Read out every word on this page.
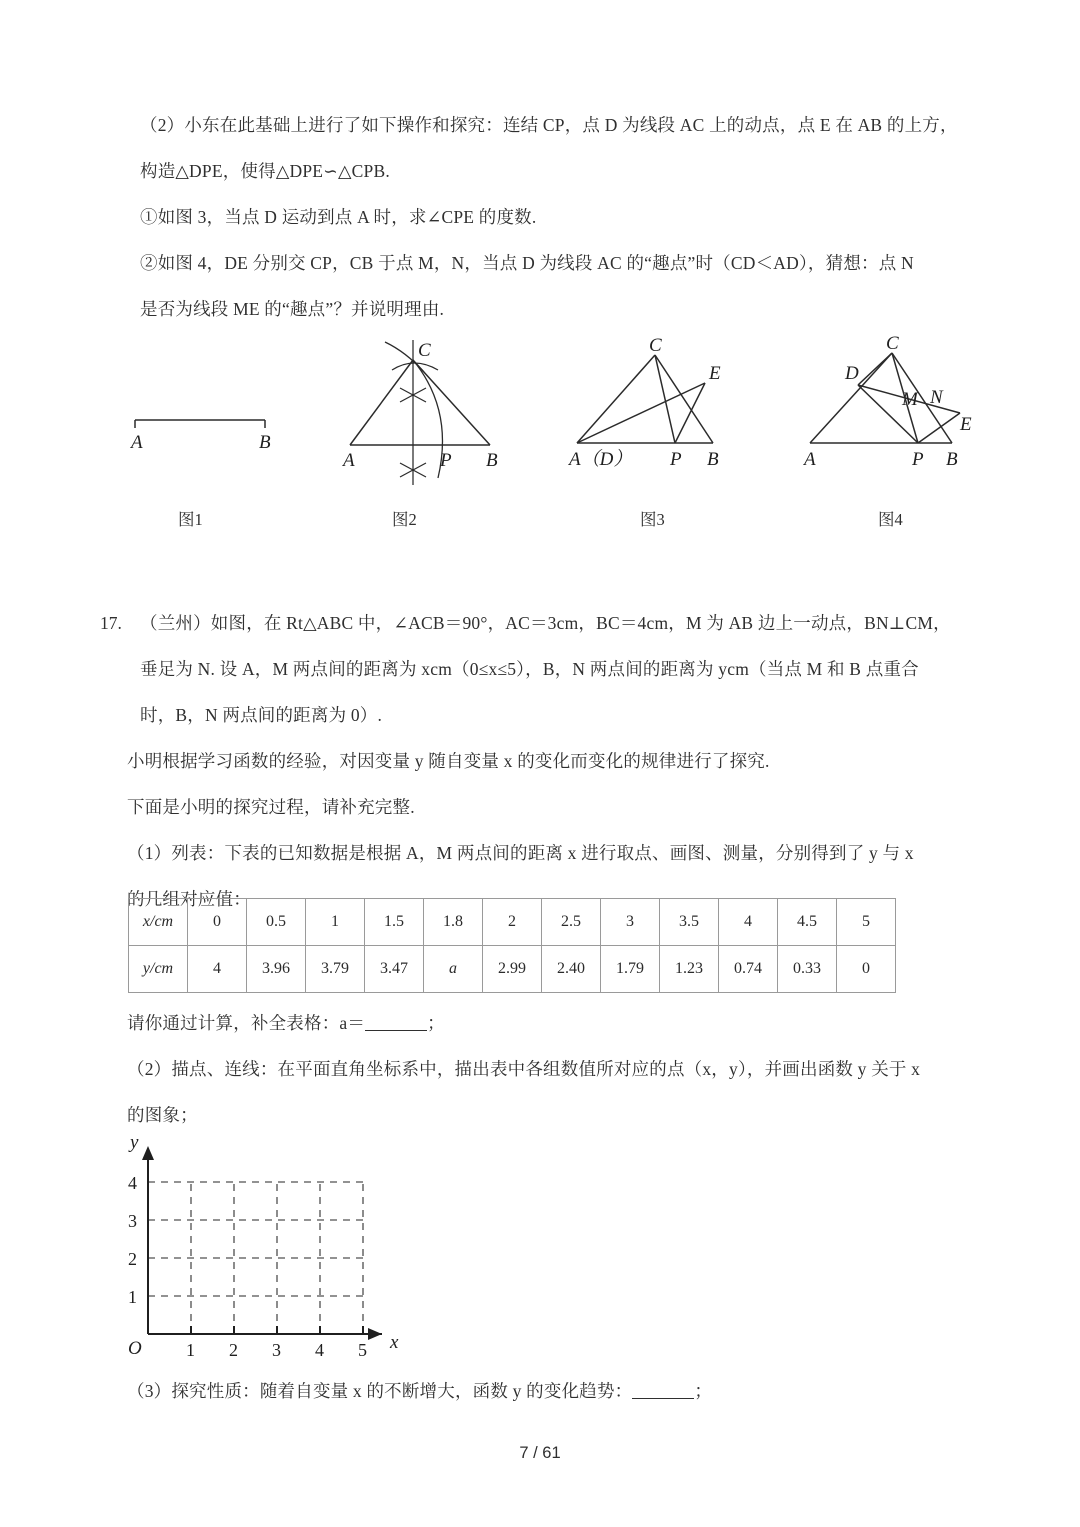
（2）小东在此基础上进行了如下操作和探究：连结 CP，点 D 为线段 AC 上的动点，点 E 在 AB 的上方，
构造△DPE，使得△DPE∽△CPB.
①如图 3，当点 D 运动到点 A 时，求∠CPE 的度数.
②如图 4，DE 分别交 CP，CB 于点 M，N，当点 D 为线段 AC 的“趣点”时（CD＜AD），猜想：点 N
是否为线段 ME 的“趣点”？并说明理由.
A	B
图1
C
A	P B
图2
C
E
A（D） P B
图3
C
D
M N
E
A	P B
图4
17. （兰州）如图，在 Rt△ABC 中，∠ACB＝90°，AC＝3cm，BC＝4cm，M 为 AB 边上一动点，BN⊥CM，
垂足为 N. 设 A，M 两点间的距离为 xcm（0≤x≤5），B，N 两点间的距离为 ycm（当点 M 和 B 点重合
时，B，N 两点间的距离为 0）.
小明根据学习函数的经验，对因变量 y 随自变量 x 的变化而变化的规律进行了探究.
下面是小明的探究过程，请补充完整.
（1）列表：下表的已知数据是根据 A，M 两点间的距离 x 进行取点、画图、测量，分别得到了 y 与 x
的几组对应值：
x/cm	0	0.5	1	1.5	1.8	2	2.5	3	3.5	4	4.5	5
y/cm	4	3.96	3.79	3.47	a	2.99	2.40	1.79	1.23	0.74	0.33	0
请你通过计算，补全表格：a＝	；
（2）描点、连线：在平面直角坐标系中，描出表中各组数值所对应的点（x，y），并画出函数 y 关于 x
的图象；
y
x
O
1
2
3
4
1 2 3 4 5
（3）探究性质：随着自变量 x 的不断增大，函数 y 的变化趋势：	；
7 / 61
